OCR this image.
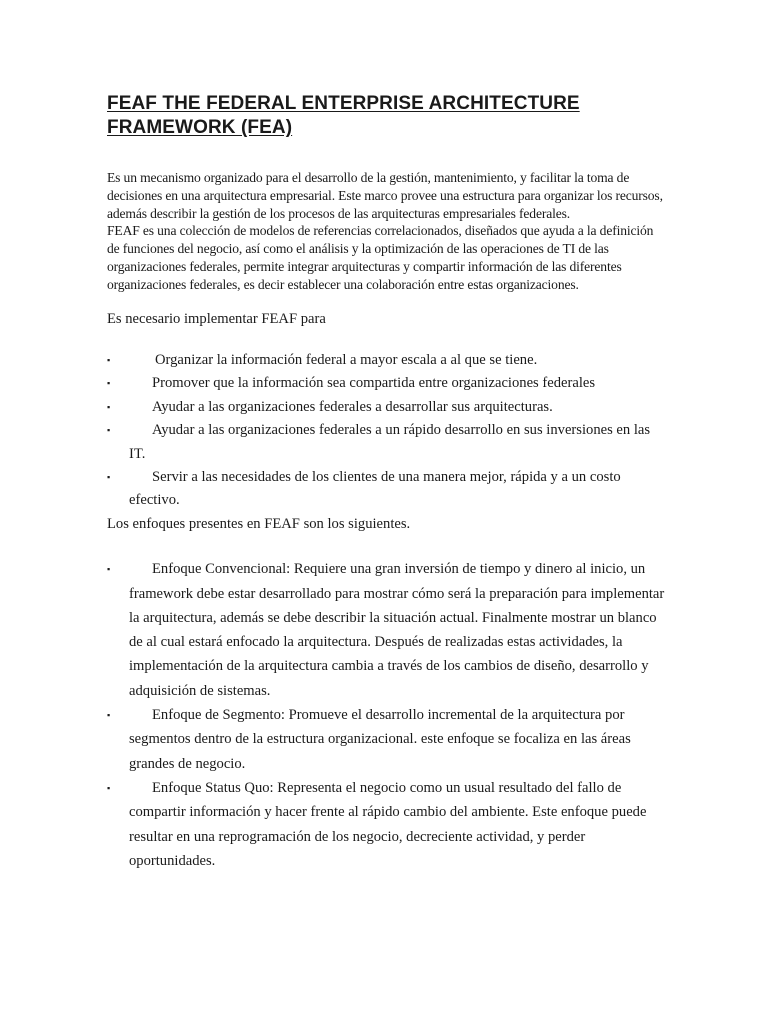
FEAF THE FEDERAL ENTERPRISE ARCHITECTURE
FRAMEWORK (FEA)

Es un mecanismo organizado para el desarrollo de la gestión, mantenimiento, y facilitar la toma de decisiones en una arquitectura empresarial. Este marco provee una estructura para organizar los recursos, además describir la gestión de los procesos de las arquitecturas empresariales federales.

FEAF es una colección de modelos de referencias correlacionados, diseñados que ayuda a la definición de funciones del negocio, así como el análisis y la optimización de las operaciones de TI de las organizaciones federales, permite integrar arquitecturas y compartir información de las diferentes organizaciones federales, es decir establecer una colaboración entre estas organizaciones.

Es necesario implementar FEAF para

▪	Organizar la información federal a mayor escala a al que se tiene.
▪	Promover que la información sea compartida entre organizaciones federales
▪	Ayudar a las organizaciones federales a desarrollar sus arquitecturas.
▪	Ayudar a las organizaciones federales a un rápido desarrollo en sus inversiones en las IT.
▪	Servir a las necesidades de los clientes de una manera mejor, rápida y a un costo efectivo.

Los enfoques presentes en FEAF son los siguientes.

▪	Enfoque Convencional: Requiere una gran inversión de tiempo y dinero al inicio, un framework debe estar desarrollado para mostrar cómo será la preparación para implementar la arquitectura, además se debe describir la situación actual. Finalmente mostrar un blanco de al cual estará enfocado la arquitectura. Después de realizadas estas actividades, la implementación de la arquitectura cambia a través de los cambios de diseño, desarrollo y adquisición de sistemas.
▪	Enfoque de Segmento: Promueve el desarrollo incremental de la arquitectura por segmentos dentro de la estructura organizacional. este enfoque se focaliza en las áreas grandes de negocio.
▪	Enfoque Status Quo: Representa el negocio como un usual resultado del fallo de compartir información y hacer frente al rápido cambio del ambiente. Este enfoque puede resultar en una reprogramación de los negocio, decreciente actividad, y perder oportunidades.
